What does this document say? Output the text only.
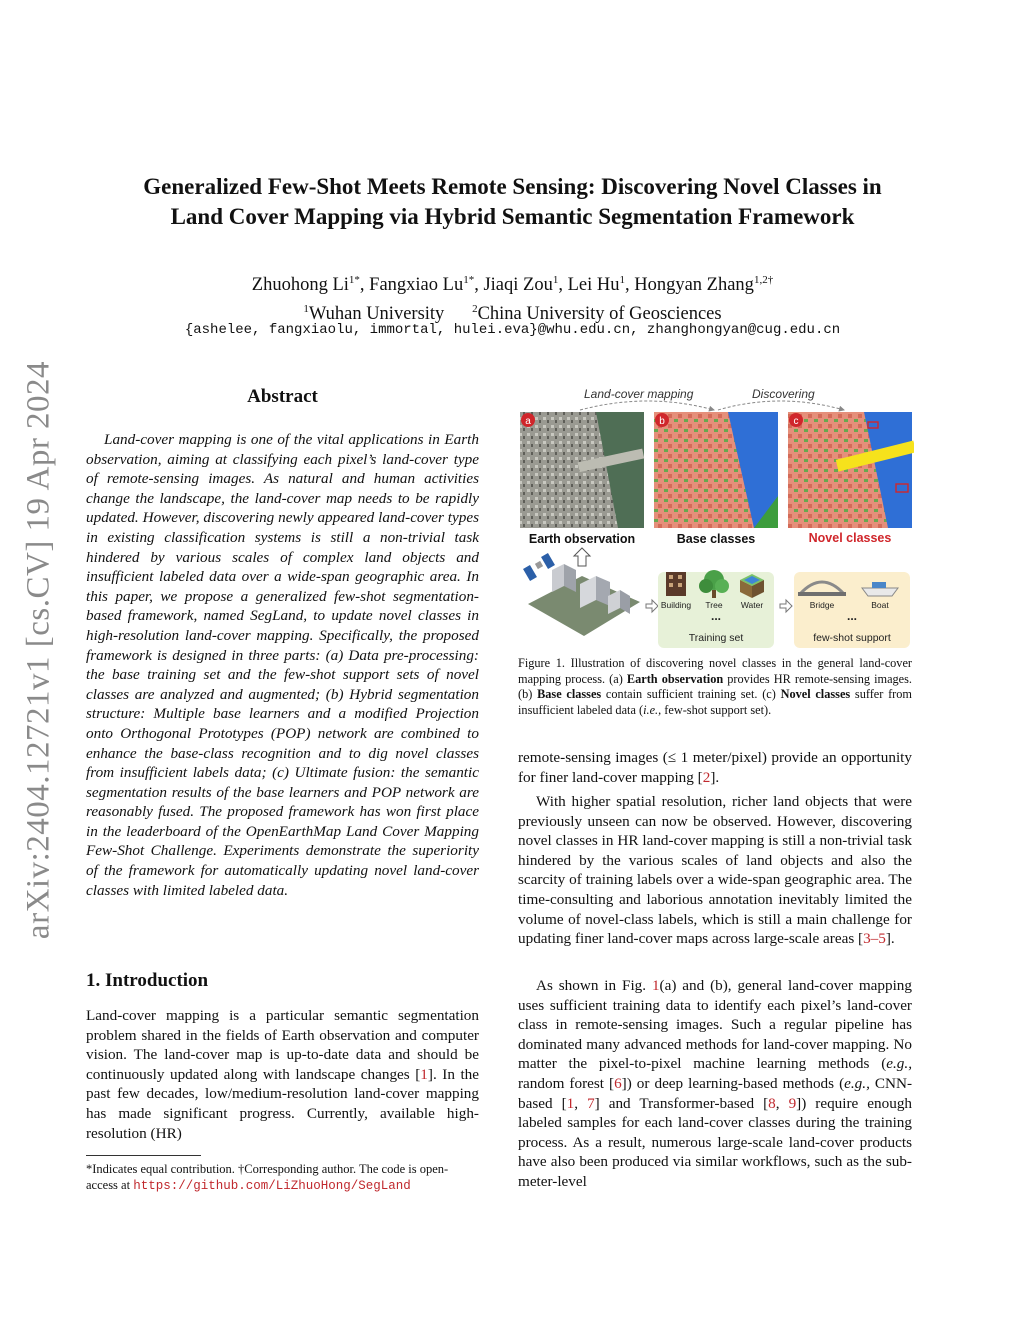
arXiv:2404.12721v1 [cs.CV] 19 Apr 2024
Generalized Few-Shot Meets Remote Sensing: Discovering Novel Classes in
Land Cover Mapping via Hybrid Semantic Segmentation Framework
Zhuohong $Li^{1*}$, Fangxiao $Lu^{1*}$, Jiaqi Zou$^1$, Lei Hu$^1$, Hongyan Zhang$^{1,2\dagger}$
$^1$Wuhan University	$^2$China University of Geosciences
{ashelee, fangxiaolu, immortal, hulei.eva}@whu.edu.cn, zhanghongyan@cug.edu.cn
Abstract
Land-cover mapping is one of the vital applications in Earth observation, aiming at classifying each pixel’s land-cover type of remote-sensing images. As natural and human activities change the landscape, the land-cover map needs to be rapidly updated. However, discovering newly appeared land-cover types in existing classification systems is still a non-trivial task hindered by various scales of complex land objects and insufficient labeled data over a wide-span geographic area. In this paper, we propose a generalized few-shot segmentation-based framework, named SegLand, to update novel classes in high-resolution land-cover mapping. Specifically, the proposed framework is designed in three parts: (a) Data pre-processing: the base training set and the few-shot support sets of novel classes are analyzed and augmented; (b) Hybrid segmentation structure: Multiple base learners and a modified Projection onto Orthogonal Prototypes (POP) network are combined to enhance the base-class recognition and to dig novel classes from insufficient labels data; (c) Ultimate fusion: the semantic segmentation results of the base learners and POP network are reasonably fused. The proposed framework has won first place in the leaderboard of the OpenEarthMap Land Cover Mapping Few-Shot Challenge. Experiments demonstrate the superiority of the framework for automatically updating novel land-cover classes with limited labeled data.
1. Introduction

Land-cover mapping is a particular semantic segmentation problem shared in the fields of Earth observation and computer vision. The land-cover map is up-to-date data and should be continuously updated along with landscape changes [1]. In the past few decades, low/medium-resolution land-cover mapping has made significant progress. Currently, available high-resolution (HR)

*Indicates equal contribution. †Corresponding author. The code is open-access at https://github.com/LiZhuoHong/SegLand
Land-cover mapping	Discovering
a	b	c
Earth observation	Base classes	Novel classes
Building Tree Water
...
Training set
Bridge	Boat
...
few-shot support
Figure 1. Illustration of discovering novel classes in the general land-cover mapping process. (a) Earth observation provides HR remote-sensing images. (b) Base classes contain sufficient training set. (c) Novel classes suffer from insufficient labeled data (i.e., few-shot support set).

remote-sensing images (≤ 1 meter/pixel) provide an opportunity for finer land-cover mapping [2].

With higher spatial resolution, richer land objects that were previously unseen can now be observed. However, discovering novel classes in HR land-cover mapping is still a non-trivial task hindered by the various scales of land objects and also the scarcity of training labels over a wide-span geographic area. The time-consulting and laborious annotation inevitably limited the volume of novel-class labels, which is still a main challenge for updating finer land-cover maps across large-scale areas [3–5].

As shown in Fig. 1(a) and (b), general land-cover mapping uses sufficient training data to identify each pixel’s land-cover class in remote-sensing images. Such a regular pipeline has dominated many advanced methods for land-cover mapping. No matter the pixel-to-pixel machine learning methods (e.g., random forest [6]) or deep learning-based methods (e.g., CNN-based [1, 7] and Transformer-based [8, 9]) require enough labeled samples for each land-cover classes during the training process. As a result, numerous large-scale land-cover products have also been produced via similar workflows, such as the sub-meter-level
